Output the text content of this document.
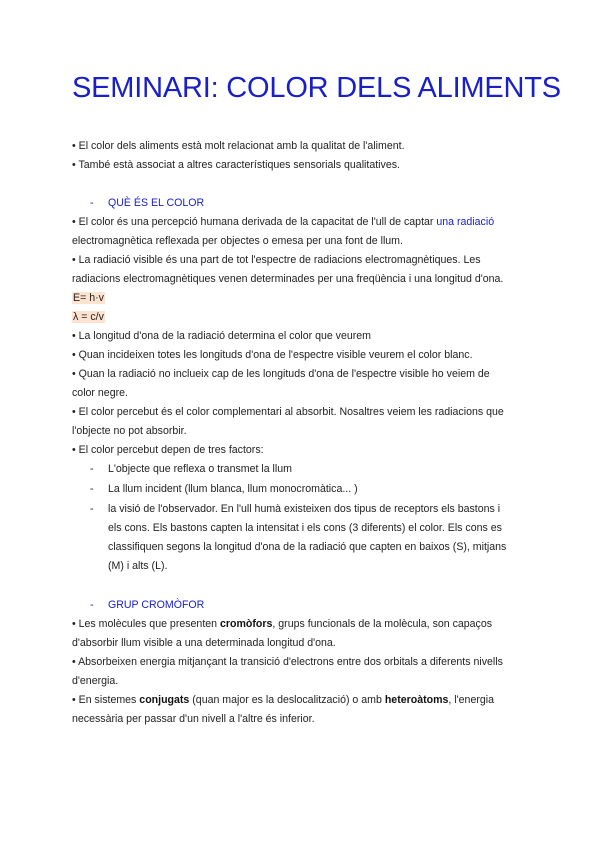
SEMINARI: COLOR DELS ALIMENTS
• El color dels aliments està molt relacionat amb la qualitat de l'aliment.
• També està associat a altres característiques sensorials qualitatives.
- QUÈ ÉS EL COLOR
• El color és una percepció humana derivada de la capacitat de l'ull de captar una radiació
electromagnètica reflexada per objectes o emesa per una font de llum.
• La radiació visible és una part de tot l'espectre de radiacions electromagnètiques. Les
radiacions electromagnètiques venen determinades per una freqüència i una longitud d'ona.
E= h·v
λ = c/v
• La longitud d'ona de la radiació determina el color que veurem
• Quan incideixen totes les longituds d'ona de l'espectre visible veurem el color blanc.
• Quan la radiació no inclueix cap de les longituds d'ona de l'espectre visible ho veiem de
color negre.
• El color percebut és el color complementari al absorbit. Nosaltres veiem les radiacions que
l'objecte no pot absorbir.
• El color percebut depen de tres factors:
- L'objecte que reflexa o transmet la llum
- La llum incident (llum blanca, llum monocromàtica... )
- la visió de l'observador. En l'ull humà existeixen dos tipus de receptors els bastons i
els cons. Els bastons capten la intensitat i els cons (3 diferents) el color. Els cons es
classifiquen segons la longitud d'ona de la radiació que capten en baixos (S), mitjans
(M) i alts (L).
- GRUP CROMÒFOR
• Les molècules que presenten cromòfors, grups funcionals de la molècula, son capaços
d'absorbir llum visible a una determinada longitud d'ona.
• Absorbeixen energia mitjançant la transició d'electrons entre dos orbitals a diferents nivells
d'energia.
• En sistemes conjugats (quan major es la deslocalització) o amb heteroàtoms, l'energia
necessària per passar d'un nivell a l'altre és inferior.
